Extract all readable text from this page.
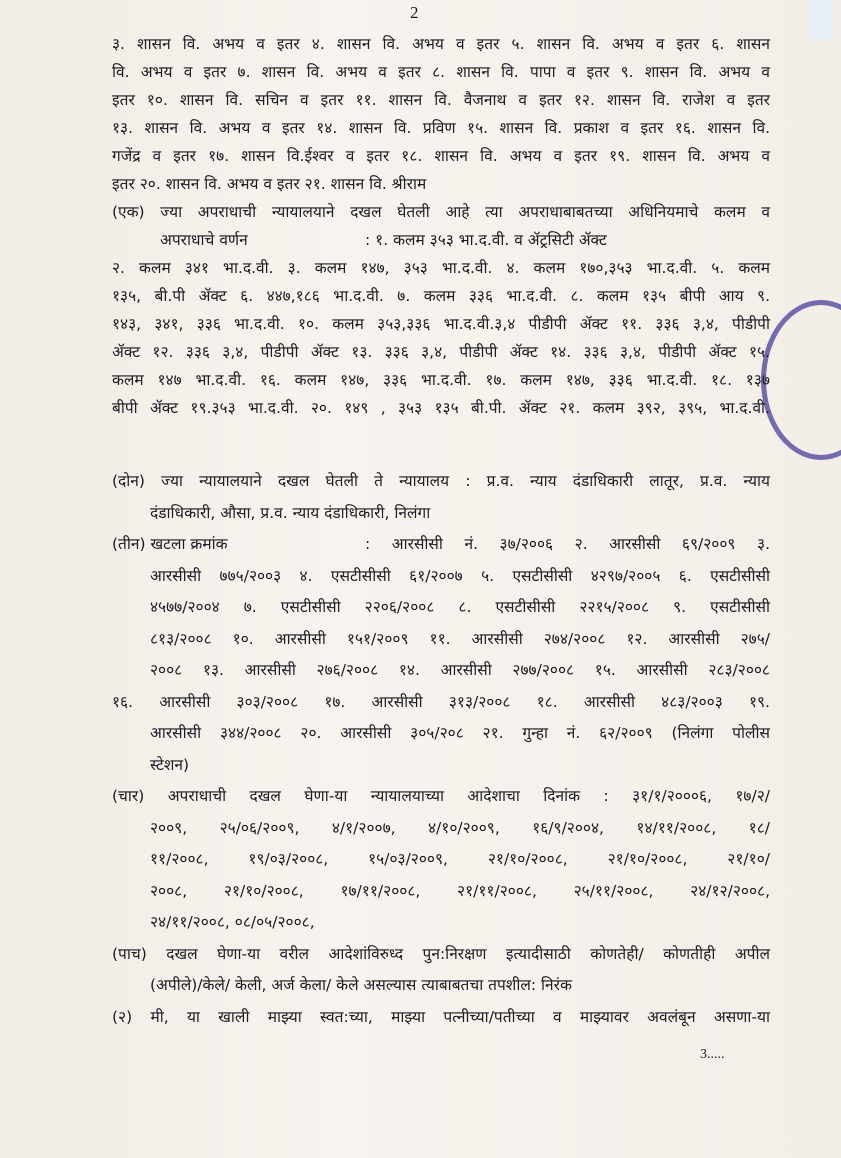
2
३. शासन वि. अभय व इतर ४. शासन वि. अभय व इतर ५. शासन वि. अभय व इतर ६. शासन
वि. अभय व इतर ७. शासन वि. अभय व इतर ८. शासन वि. पापा व इतर ९. शासन वि. अभय व
इतर १०. शासन वि. सचिन व इतर ११. शासन वि. वैजनाथ व इतर १२. शासन वि. राजेश व इतर
१३. शासन वि. अभय व इतर १४. शासन वि. प्रविण १५. शासन वि. प्रकाश व इतर १६. शासन वि.
गजेंद्र व इतर १७. शासन वि.ईश्वर व इतर १८. शासन वि. अभय व इतर १९. शासन वि. अभय व
इतर २०. शासन वि. अभय व इतर २१. शासन वि. श्रीराम
(एक) ज्या अपराधाची न्यायालयाने दखल घेतली आहे त्या अपराधाबाबतच्या अधिनियमाचे कलम व
अपराधाचे वर्णन	: १. कलम ३५३ भा.द.वी. व ॲट्रसिटी ॲक्ट
२. कलम ३४१ भा.द.वी. ३. कलम १४७, ३५३ भा.द.वी. ४. कलम १७०,३५३ भा.द.वी. ५. कलम
१३५, बी.पी ॲक्ट ६. ४४७,१८६ भा.द.वी. ७. कलम ३३६ भा.द.वी. ८. कलम १३५ बीपी आय ९.
१४३, ३४१, ३३६ भा.द.वी. १०. कलम ३५३,३३६ भा.द.वी.३,४ पीडीपी ॲक्ट ११. ३३६ ३,४, पीडीपी
ॲक्ट १२. ३३६ ३,४, पीडीपी ॲक्ट १३. ३३६ ३,४, पीडीपी ॲक्ट १४. ३३६ ३,४, पीडीपी ॲक्ट १५.
कलम १४७ भा.द.वी. १६. कलम १४७, ३३६ भा.द.वी. १७. कलम १४७, ३३६ भा.द.वी. १८. १३७
बीपी ॲक्ट १९.३५३ भा.द.वी. २०. १४९ , ३५३ १३५ बी.पी. ॲक्ट २१. कलम ३९२, ३९५, भा.द.वी.
(दोन) ज्या न्यायालयाने दखल घेतली ते न्यायालय : प्र.व. न्याय दंडाधिकारी लातूर, प्र.व. न्याय
दंडाधिकारी, औसा, प्र.व. न्याय दंडाधिकारी, निलंगा
(तीन) खटला क्रमांक	: आरसीसी नं. ३७/२००६ २. आरसीसी ६९/२००९ ३.
आरसीसी ७७५/२००३ ४. एसटीसीसी ६१/२००७ ५. एसटीसीसी ४२९७/२००५ ६. एसटीसीसी
४५७७/२००४ ७. एसटीसीसी २२०६/२००८ ८. एसटीसीसी २२१५/२००८ ९. एसटीसीसी
८१३/२००८ १०. आरसीसी १५१/२००९ ११. आरसीसी २७४/२००८ १२. आरसीसी २७५/
२००८ १३. आरसीसी २७६/२००८ १४. आरसीसी २७७/२००८ १५. आरसीसी २८३/२००८
१६. आरसीसी ३०३/२००८ १७. आरसीसी ३१३/२००८ १८. आरसीसी ४८३/२००३ १९.
आरसीसी ३४४/२००८ २०. आरसीसी ३०५/२०८ २१. गुन्हा नं. ६२/२००९ (निलंगा पोलीस
स्टेशन)
(चार) अपराधाची दखल घेणा-या न्यायालयाच्या आदेशाचा दिनांक : ३१/१/२०००६, १७/२/
२००९, २५/०६/२००९, ४/१/२००७, ४/१०/२००९, १६/९/२००४, १४/११/२००८, १८/
११/२००८, १९/०३/२००८, १५/०३/२००९, २१/१०/२००८, २१/१०/२००८, २१/१०/
२००८, २१/१०/२००८, १७/११/२००८, २१/११/२००८, २५/११/२००८, २४/१२/२००८,
२४/११/२००८, ०८/०५/२००८,
(पाच) दखल घेणा-या वरील आदेशांविरुध्द पुन:निरक्षण इत्यादीसाठी कोणतेही/ कोणतीही अपील
(अपीले)/केले/ केली, अर्ज केला/ केले असल्यास त्याबाबतचा तपशील: निरंक
(२) मी, या खाली माझ्या स्वत:च्या, माझ्या पत्नीच्या/पतीच्या व माझ्यावर अवलंबून असणा-या
3.....
